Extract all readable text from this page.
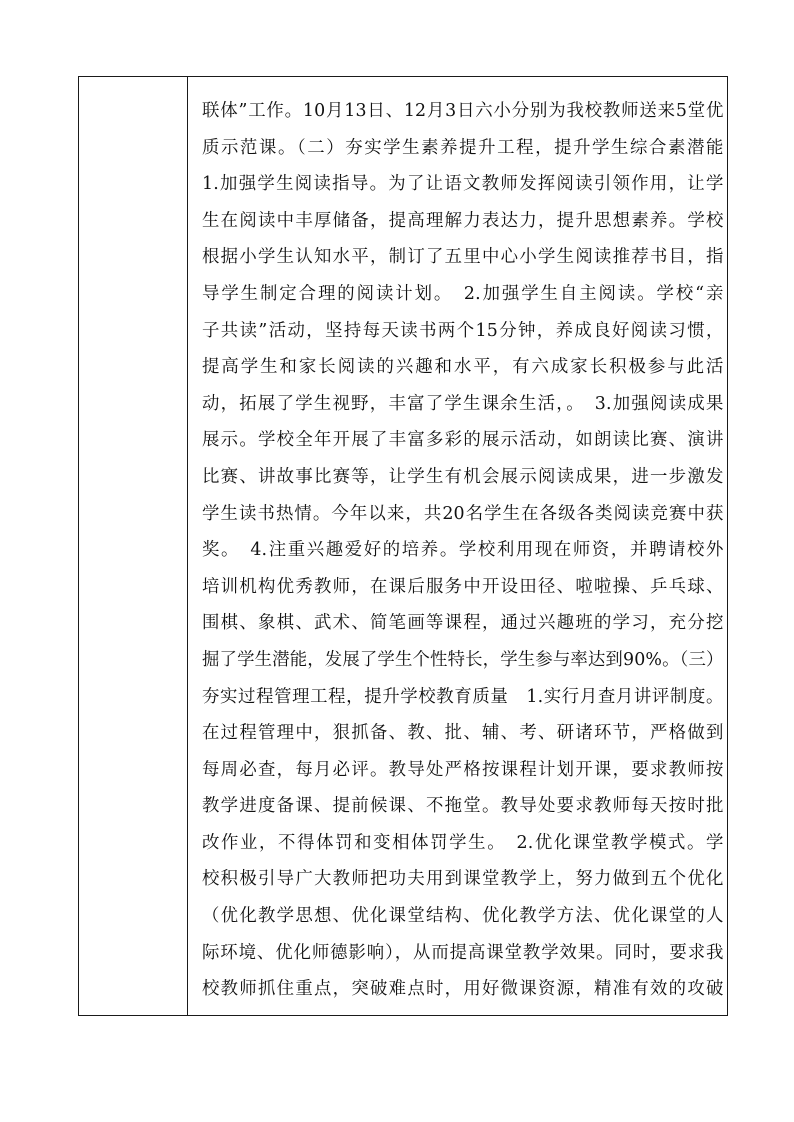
联体”工作。10月13日、12月3日六小分别为我校教师送来5堂优
质示范课。（二）夯实学生素养提升工程，提升学生综合素潜能
1.加强学生阅读指导。为了让语文教师发挥阅读引领作用，让学
生在阅读中丰厚储备，提高理解力表达力，提升思想素养。学校
根据小学生认知水平，制订了五里中心小学生阅读推荐书目，指
导学生制定合理的阅读计划。　2.加强学生自主阅读。学校“亲
子共读”活动，坚持每天读书两个15分钟，养成良好阅读习惯，
提高学生和家长阅读的兴趣和水平，有六成家长积极参与此活
动，拓展了学生视野，丰富了学生课余生活，。　3.加强阅读成果
展示。学校全年开展了丰富多彩的展示活动，如朗读比赛、演讲
比赛、讲故事比赛等，让学生有机会展示阅读成果，进一步激发
学生读书热情。今年以来，共20名学生在各级各类阅读竞赛中获
奖。　4.注重兴趣爱好的培养。学校利用现在师资，并聘请校外
培训机构优秀教师，在课后服务中开设田径、啦啦操、乒乓球、
围棋、象棋、武术、简笔画等课程，通过兴趣班的学习，充分挖
掘了学生潜能，发展了学生个性特长，学生参与率达到90%。（三）
夯实过程管理工程，提升学校教育质量　1.实行月查月讲评制度。
在过程管理中，狠抓备、教、批、辅、考、研诸环节，严格做到
每周必查，每月必评。教导处严格按课程计划开课，要求教师按
教学进度备课、提前候课、不拖堂。教导处要求教师每天按时批
改作业，不得体罚和变相体罚学生。　2.优化课堂教学模式。学
校积极引导广大教师把功夫用到课堂教学上，努力做到五个优化
（优化教学思想、优化课堂结构、优化教学方法、优化课堂的人
际环境、优化师德影响），从而提高课堂教学效果。同时，要求我
校教师抓住重点，突破难点时，用好微课资源，精准有效的攻破
